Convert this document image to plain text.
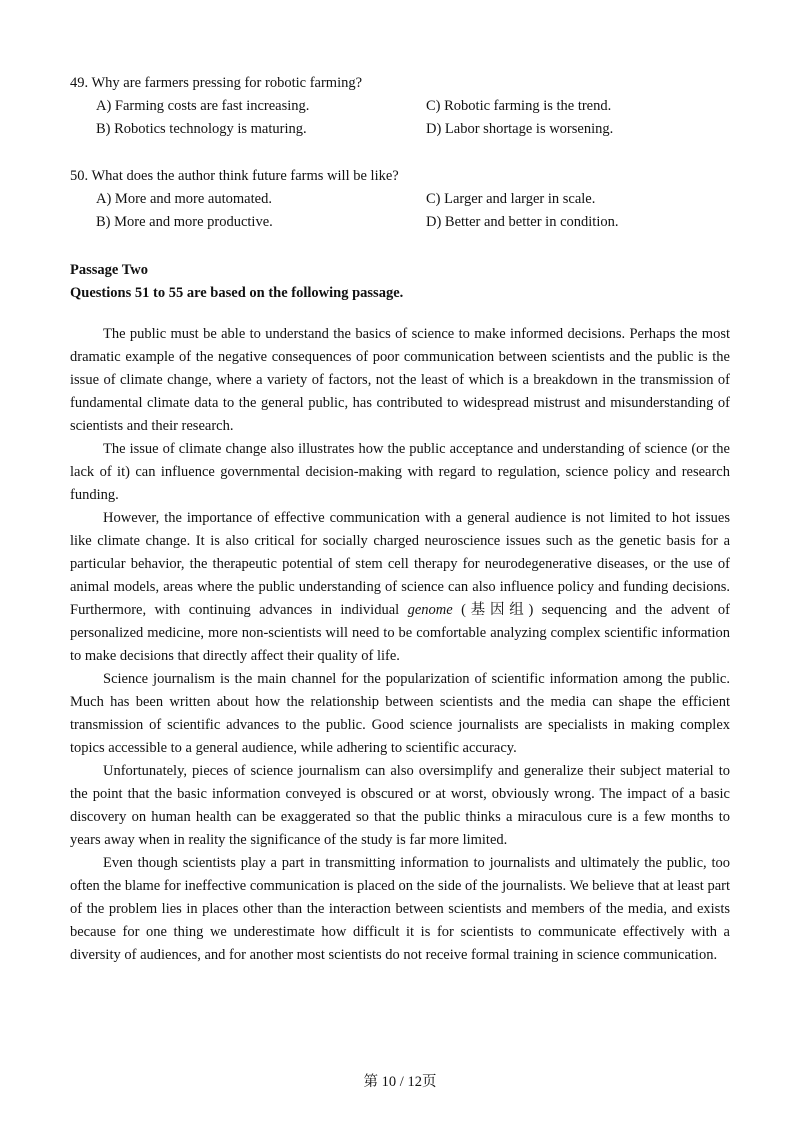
49. Why are farmers pressing for robotic farming?

A) Farming costs are fast increasing.	C) Robotic farming is the trend.
B) Robotics technology is maturing.	D) Labor shortage is worsening.

50. What does the author think future farms will be like?

A) More and more automated.	C) Larger and larger in scale.
B) More and more productive.	D) Better and better in condition.
Passage Two
Questions 51 to 55 are based on the following passage.

The public must be able to understand the basics of science to make informed decisions. Perhaps the most dramatic example of the negative consequences of poor communication between scientists and the public is the issue of climate change, where a variety of factors, not the least of which is a breakdown in the transmission of fundamental climate data to the general public, has contributed to widespread mistrust and misunderstanding of scientists and their research.

The issue of climate change also illustrates how the public acceptance and understanding of science (or the lack of it) can influence governmental decision-making with regard to regulation, science policy and research funding.

However, the importance of effective communication with a general audience is not limited to hot issues like climate change. It is also critical for socially charged neuroscience issues such as the genetic basis for a particular behavior, the therapeutic potential of stem cell therapy for neurodegenerative diseases, or the use of animal models, areas where the public understanding of science can also influence policy and funding decisions. Furthermore, with continuing advances in individual genome (基因组) sequencing and the advent of personalized medicine, more non-scientists will need to be comfortable analyzing complex scientific information to make decisions that directly affect their quality of life.

Science journalism is the main channel for the popularization of scientific information among the public. Much has been written about how the relationship between scientists and the media can shape the efficient transmission of scientific advances to the public. Good science journalists are specialists in making complex topics accessible to a general audience, while adhering to scientific accuracy.

Unfortunately, pieces of science journalism can also oversimplify and generalize their subject material to the point that the basic information conveyed is obscured or at worst, obviously wrong. The impact of a basic discovery on human health can be exaggerated so that the public thinks a miraculous cure is a few months to years away when in reality the significance of the study is far more limited.

Even though scientists play a part in transmitting information to journalists and ultimately the public, too often the blame for ineffective communication is placed on the side of the journalists. We believe that at least part of the problem lies in places other than the interaction between scientists and members of the media, and exists because for one thing we underestimate how difficult it is for scientists to communicate effectively with a diversity of audiences, and for another most scientists do not receive formal training in science communication.

第 10 / 12页
